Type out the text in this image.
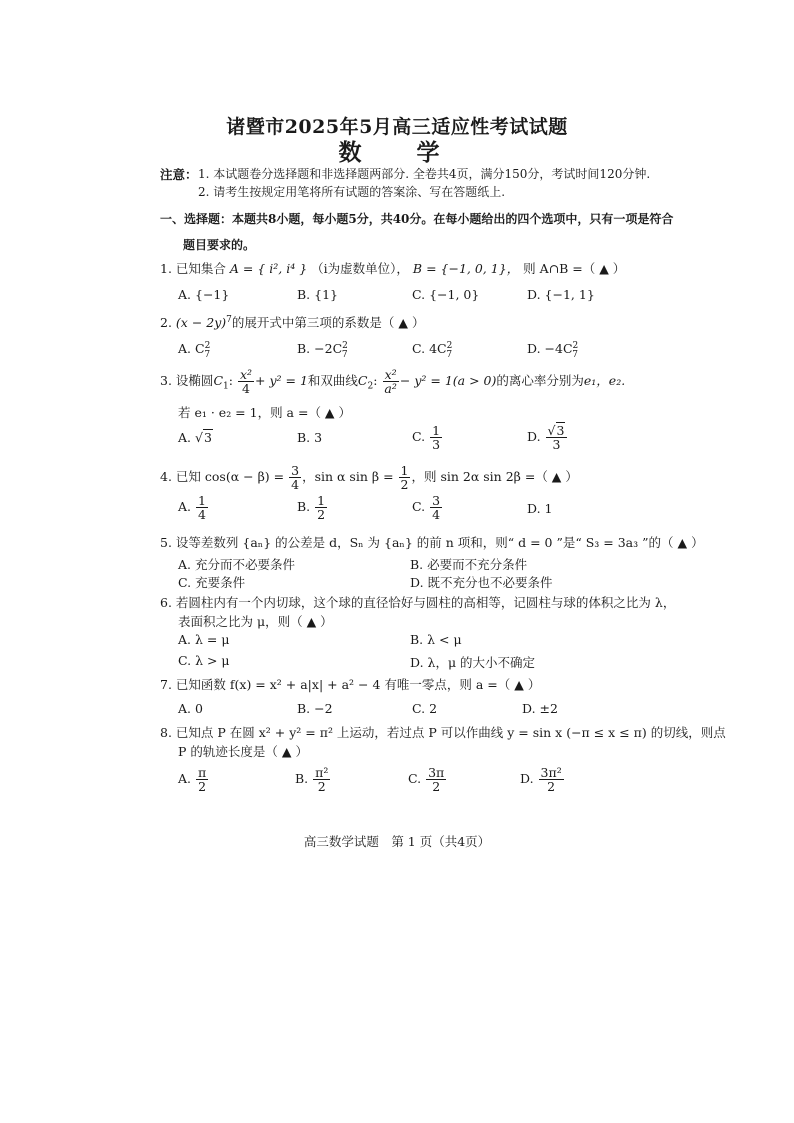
诸暨市2025年5月高三适应性考试试题
数　学
注意： 1. 本试题卷分选择题和非选择题两部分. 全卷共4页，满分150分，考试时间120分钟.
2. 请考生按规定用笔将所有试题的答案涂、写在答题纸上.
一、选择题：本题共8小题，每小题5分，共40分。在每小题给出的四个选项中，只有一项是符合
题目要求的。
1. 已知集合 A = { i², i⁴ } （i为虚数单位）， B = {−1, 0, 1}， 则 A∩B =（ ▲ ）
A. {−1}	B. {1}	C. {−1, 0}	D. {−1, 1}
2. $(x - 2y)^7$的展开式中第三项的系数是（ ▲ ）
A. $C^2_7$	B. $-2C^2_7$	C. $4C^2_7$	D. $-4C^2_7$
3. 设椭圆$C_1$: $\frac{\text{x²}}{4} + y^2 = 1$和双曲线$C_2$: $\frac{\text{x²}}{\text{a²}} - y^2 = 1(a > 0)$的离心率分别为e₁，e₂.
若 e₁ · e₂ = 1，则 a =（ ▲ ）
A. √3	B. 3	C. $\frac{1}{3}$	D. $\frac{√3}{3}$
4. 已知 $\cos(\alpha - \beta) = \frac{3}{4}$ ，sin α $\sin \beta = \frac{1}{2}$ ，则 sin 2α sin 2β =（ ▲ ）
A. $\frac{1}{4}$	B. $\frac{1}{2}$	C. $\frac{3}{4}$	D. 1
5. 设等差数列 {aₙ} 的公差是 d，Sₙ 为 {aₙ} 的前 n 项和，则“ d = 0 ”是“ S₃ = 3a₃ ”的（ ▲ ）
A. 充分而不必要条件	B. 必要而不充分条件
C. 充要条件	D. 既不充分也不必要条件
6. 若圆柱内有一个内切球，这个球的直径恰好与圆柱的高相等，记圆柱与球的体积之比为 λ，
表面积之比为 μ，则（ ▲ ）
A. λ = μ	B. λ < μ
C. λ > μ	D. λ，μ 的大小不确定
7. 已知函数 f(x) = x² + a|x| + a² − 4 有唯一零点，则 a =（ ▲ ）
A. 0	B. −2	C. 2	D. ±2
8. 已知点 P 在圆 x² + y² = π² 上运动，若过点 P 可以作曲线 y = sin x (−π ≤ x ≤ π) 的切线，则点
P 的轨迹长度是（ ▲ ）
A. $\frac{\pi}{2}$	B. $\frac{\text{π²}}{2}$	C. $\frac{3\pi}{2}$	D. $\frac{\text{3π²}}{2}$
高三数学试题　第 1 页（共4页）
